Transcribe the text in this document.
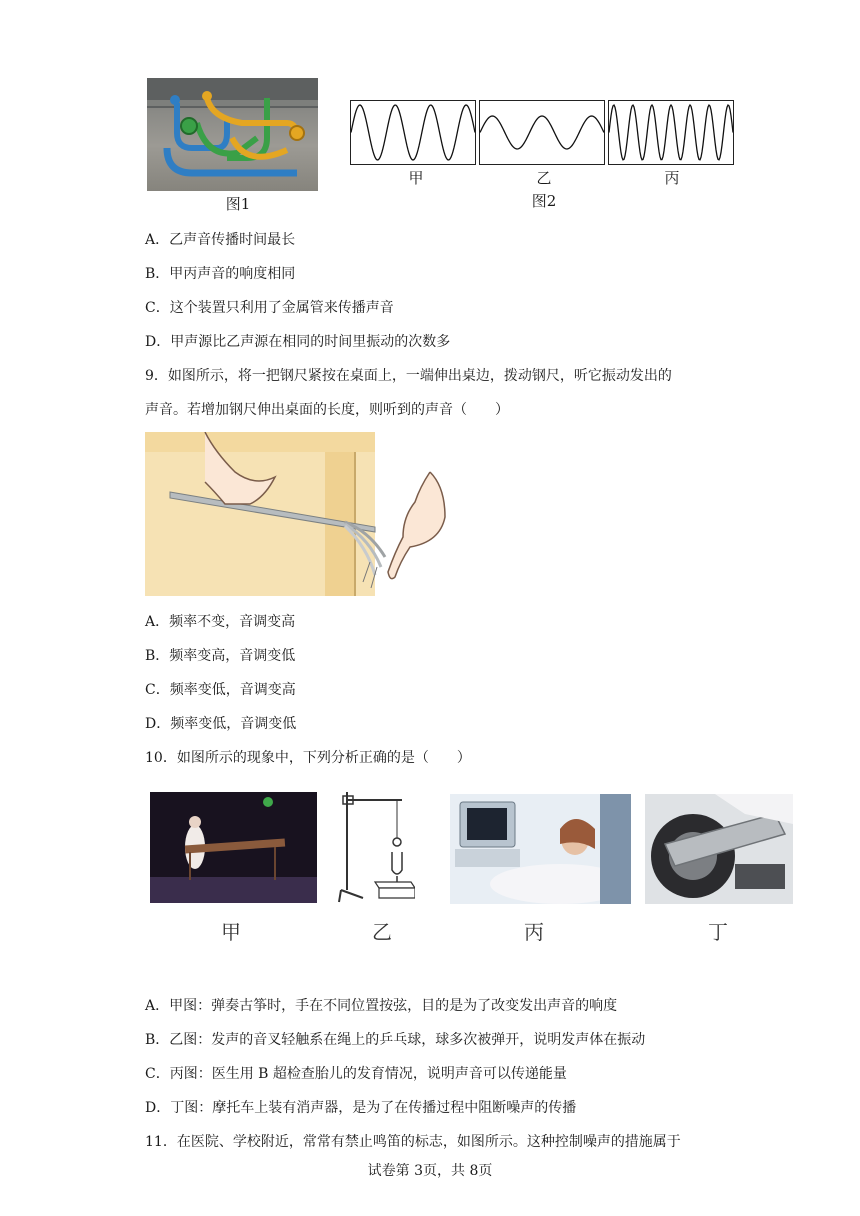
图1
甲	乙	丙
图2
A．乙声音传播时间最长
B．甲丙声音的响度相同
C．这个装置只利用了金属管来传播声音
D．甲声源比乙声源在相同的时间里振动的次数多
9．如图所示，将一把钢尺紧按在桌面上，一端伸出桌边，拨动钢尺，听它振动发出的
声音。若增加钢尺伸出桌面的长度，则听到的声音（　　）
A．频率不变，音调变高
B．频率变高，音调变低
C．频率变低，音调变高
D．频率变低，音调变低
10．如图所示的现象中，下列分析正确的是（　　）
甲	乙	丙	丁
A．甲图：弹奏古筝时，手在不同位置按弦，目的是为了改变发出声音的响度
B．乙图：发声的音叉轻触系在绳上的乒乓球，球多次被弹开，说明发声体在振动
C．丙图：医生用 B 超检查胎儿的发育情况，说明声音可以传递能量
D．丁图：摩托车上装有消声器，是为了在传播过程中阻断噪声的传播
11．在医院、学校附近，常常有禁止鸣笛的标志，如图所示。这种控制噪声的措施属于
试卷第 3页，共 8页
